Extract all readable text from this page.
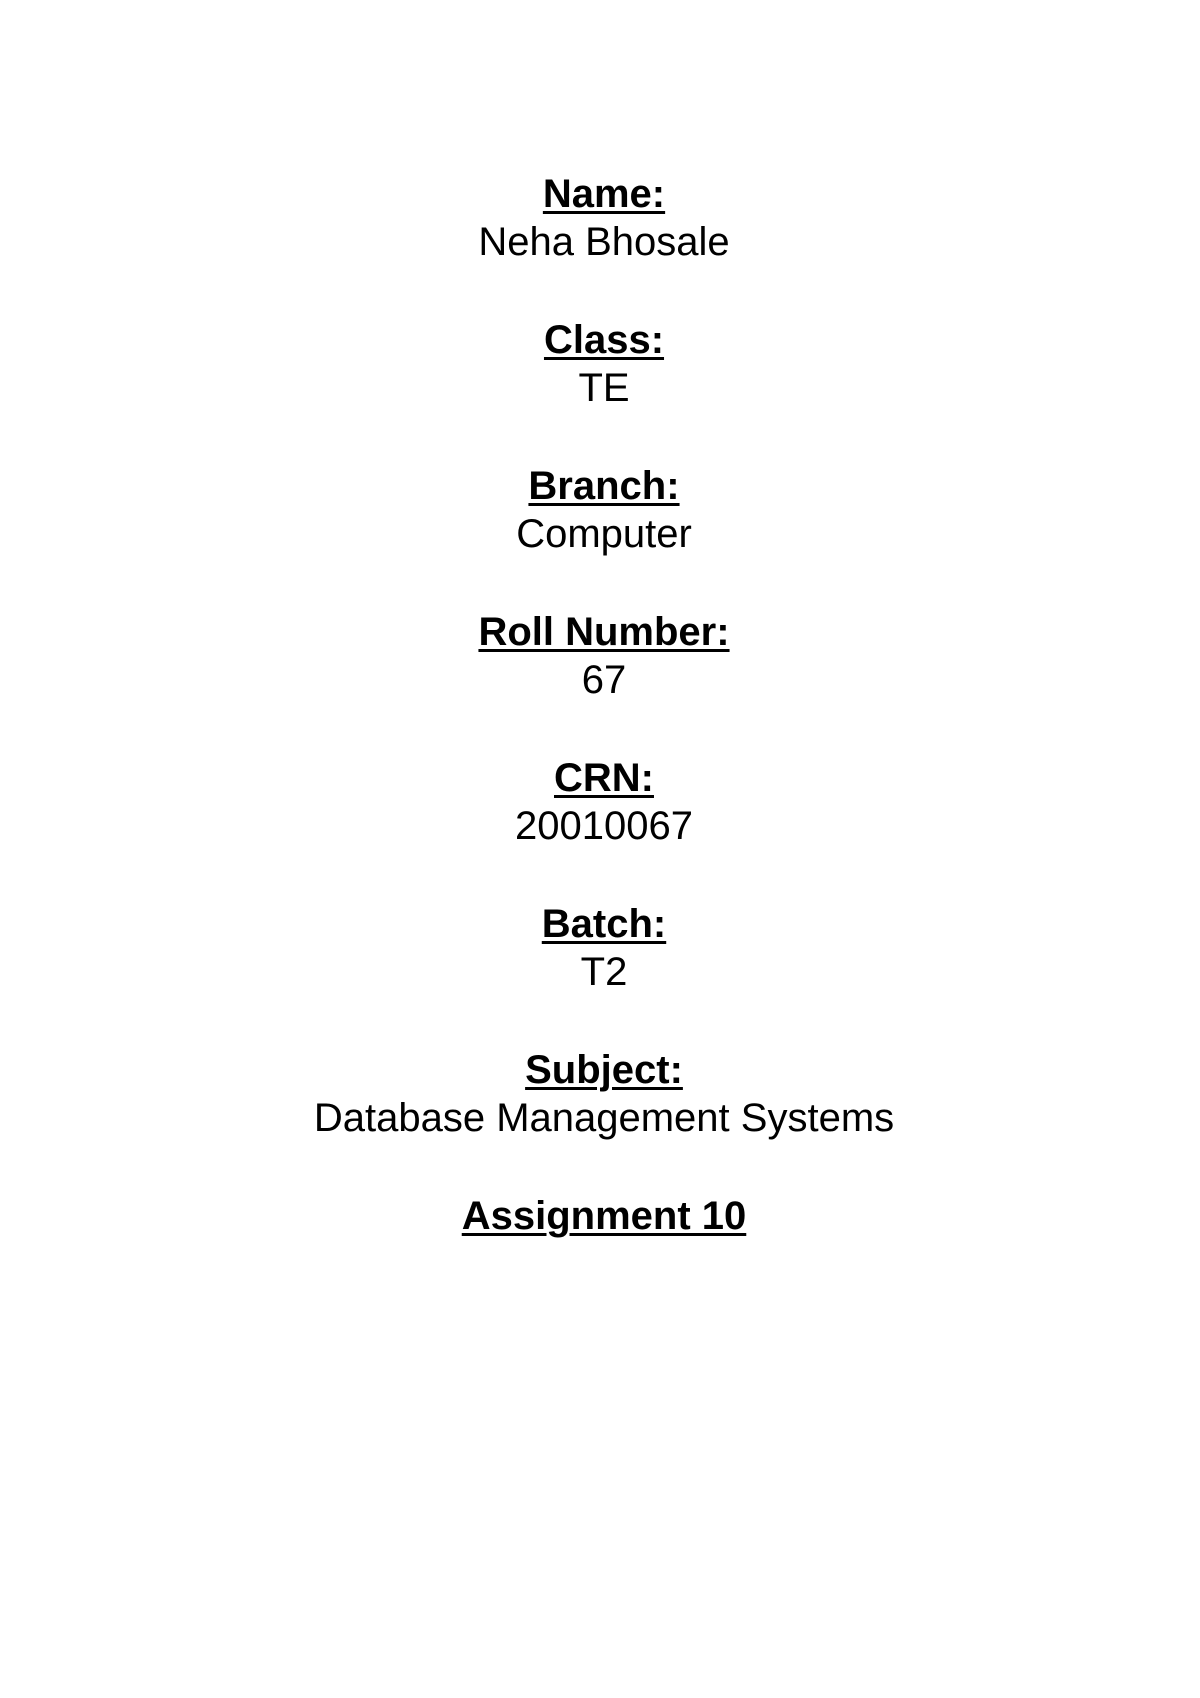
Name:
Neha Bhosale
Class:
TE
Branch:
Computer
Roll Number:
67
CRN:
20010067
Batch:
T2
Subject:
Database Management Systems
Assignment 10
